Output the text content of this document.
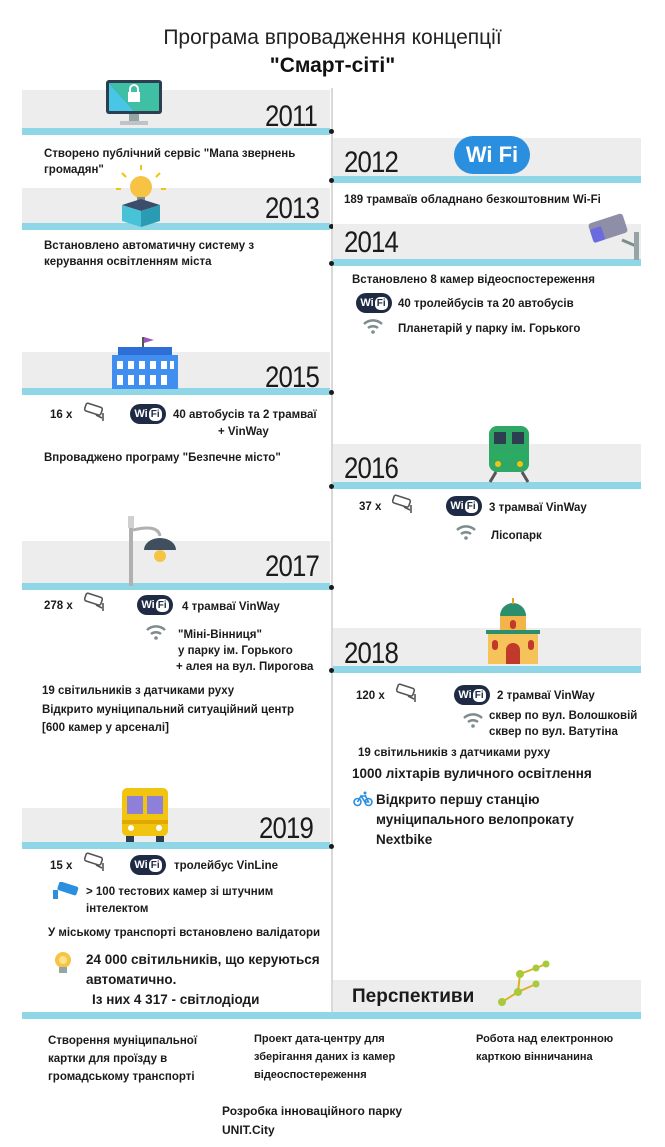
Програма впровадження концепції
"Смарт-сіті"
2011
Створено публічний сервіс "Мапа звернень громадян"	2012	Wi Fi
189 трамваїв обладнано безкоштовним Wi-Fi
2013
Встановлено автоматичну систему з керування освітленням міста
2014
Встановлено 8 камер відеоспостереження
Wi Fi	40 тролейбусів та 20 автобусів
Планетарій у парку ім. Горького
2015
16 x	Wi Fi	40 автобусів та 2 трамваї
+ VinWay
Впроваджено програму "Безпечне місто"	2016
37 x	Wi Fi	3 трамваї VinWay
Лісопарк
2017
278 x	Wi Fi	4 трамваї VinWay
"Міні-Вінниця"
у парку ім. Горького
+ алея на вул. Пирогова
19 світильників з датчиками руху
Відкрито муніципальний ситуаційний центр
[600 камер у арсеналі]
2018
120 x	Wi Fi	2 трамваї VinWay
сквер по вул. Волошковій
сквер по вул. Ватутіна
19 світильників з датчиками руху
1000 ліхтарів вуличного освітлення
Відкрито першу станцію
муніципального велопрокату
Nextbike
2019
15 x	Wi Fi	тролейбус VinLine
> 100 тестових камер зі штучним
інтелектом
У міському транспорті встановлено валідатори
24 000 світильників, що керуються
автоматично.
Із них 4 317 - світлодіоди	Перспективи
Створення муніципальної
картки для проїзду в
громадському транспорті
Проект дата-центру для
зберігання даних із камер
відеоспостереження
Робота над електронною
карткою вінничанина
Розробка інноваційного парку
UNIT.City
